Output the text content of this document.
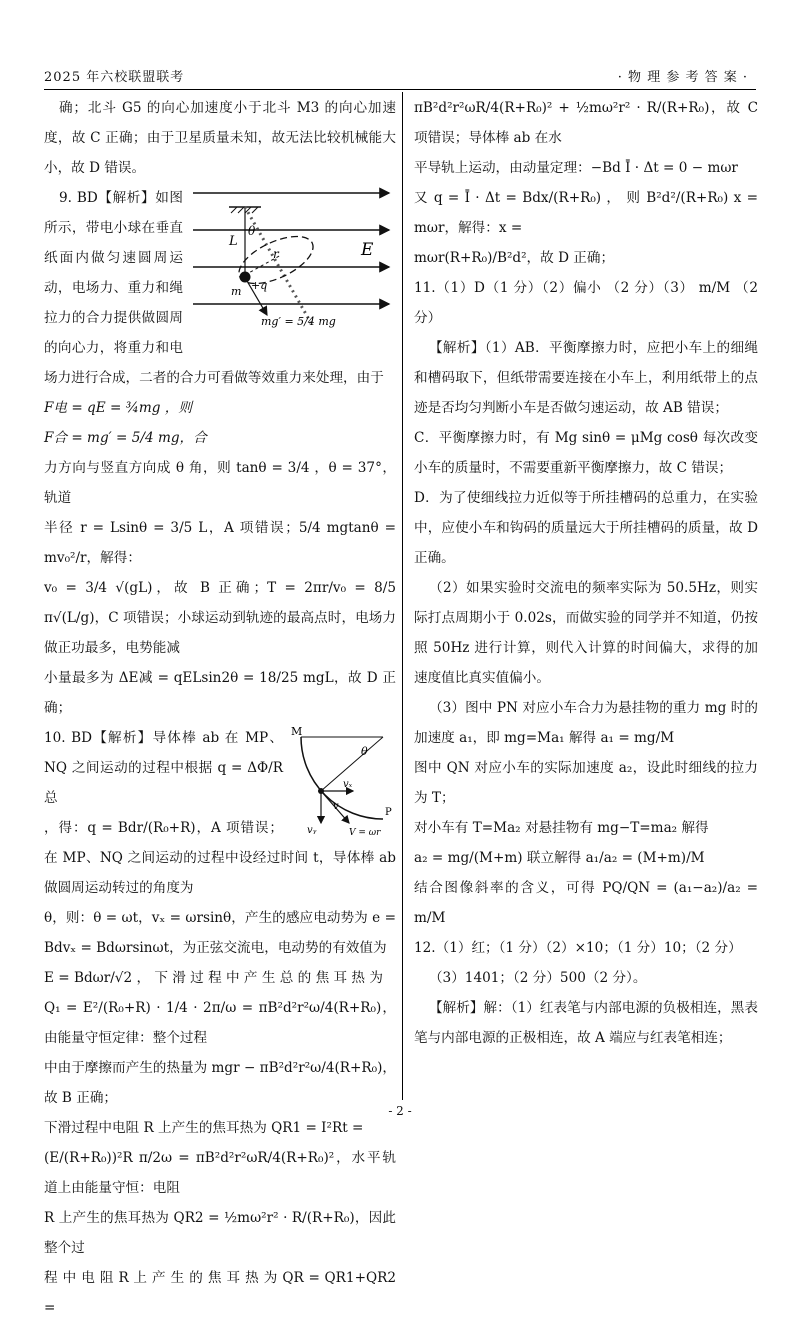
2025 年六校联盟联考	· 物 理 参 考 答 案 ·

确；北斗 G5 的向心加速度小于北斗 M3 的向心加速度，故 C 正确；由于卫星质量未知，故无法比较机械能大小，故 D 错误。

L
θ
r	E
m +q
mg′ = 5/4 mg
9. BD【解析】如图所示，带电小球在垂直纸面内做匀速圆周运动，电场力、重力和绳拉力的合力提供做圆周的向心力，将重力和电场力进行合成，二者的合力可看做等效重力来处理，由于

F电 = qE = ¾mg ，则

F合 = mg′ = 5/4 mg，合

力方向与竖直方向成 θ 角，则 tanθ = 3/4 ，θ = 37°，轨道

半径 r = Lsinθ = 3/5 L，A 项错误；5/4 mgtanθ = mv₀²/r，解得：

v₀ = 3/4 √(gL)，故 B 正确；T = 2πr/v₀ = 8/5 π√(L/g)，C 项错误；小球运动到轨迹的最高点时，电场力做正功最多，电势能减

小量最多为 ΔE减 = qELsin2θ = 18/25 mgL，故 D 正确；

M
θ
vₓ
v
vᵧ	V = ωr
P
10. BD【解析】导体棒 ab 在 MP、NQ 之间运动的过程中根据 q = ΔΦ/R总

，得：q = Bdr/(R₀+R)，A 项错误；在 MP、NQ 之间运动的过程中设经过时间 t，导体棒 ab 做圆周运动转过的角度为

θ，则：θ = ωt，vₓ = ωrsinθ，产生的感应电动势为 e = Bdvₓ = Bdωrsinωt，为正弦交流电，电动势的有效值为

E = Bdωr/√2 ， 下 滑 过 程 中 产 生 总 的 焦 耳 热 为

Q₁ = E²/(R₀+R) · 1/4 · 2π/ω = πB²d²r²ω/4(R+R₀)，由能量守恒定律：整个过程

中由于摩擦而产生的热量为 mgr − πB²d²r²ω/4(R+R₀)，故 B 正确；

下滑过程中电阻 R 上产生的焦耳热为 QR1 = I²Rt =

(E/(R+R₀))²R π/2ω = πB²d²r²ωR/4(R+R₀)²，水平轨道上由能量守恒：电阻

R 上产生的焦耳热为 QR2 = ½mω²r² · R/(R+R₀)，因此整个过

程 中 电 阻 R 上 产 生 的 焦 耳 热 为 QR = QR1+QR2 =

πB²d²r²ωR/4(R+R₀)² + ½mω²r² · R/(R+R₀)，故 C 项错误；导体棒 ab 在水

平导轨上运动，由动量定理：−Bd Ī · Δt = 0 − mωr

又 q = Ī · Δt = Bdx/(R+R₀) ， 则 B²d²/(R+R₀) x = mωr，解得：x =

mωr(R+R₀)/B²d²，故 D 正确；

11.（1）D（1 分）（2）偏小 （2 分）（3） m/M （2 分）

【解析】（1）AB．平衡摩擦力时，应把小车上的细绳和槽码取下，但纸带需要连接在小车上，利用纸带上的点迹是否均匀判断小车是否做匀速运动，故 AB 错误；

C．平衡摩擦力时，有 Mg sinθ = μMg cosθ 每次改变小车的质量时，不需要重新平衡摩擦力，故 C 错误；

D．为了使细线拉力近似等于所挂槽码的总重力，在实验中，应使小车和钩码的质量远大于所挂槽码的质量，故 D 正确。

（2）如果实验时交流电的频率实际为 50.5Hz，则实际打点周期小于 0.02s，而做实验的同学并不知道，仍按照 50Hz 进行计算，则代入计算的时间偏大，求得的加速度值比真实值偏小。

（3）图中 PN 对应小车合力为悬挂物的重力 mg 时的加速度 a₁，即 mg=Ma₁ 解得 a₁ = mg/M

图中 QN 对应小车的实际加速度 a₂，设此时细线的拉力为 T；

对小车有 T=Ma₂ 对悬挂物有 mg−T=ma₂ 解得

a₂ = mg/(M+m) 联立解得 a₁/a₂ = (M+m)/M

结合图像斜率的含义，可得 PQ/QN = (a₁−a₂)/a₂ = m/M

12.（1）红；（1 分）（2）×10；（1 分）10；（2 分）

（3）1401；（2 分）500（2 分）。

【解析】解：（1）红表笔与内部电源的负极相连，黑表笔与内部电源的正极相连，故 A 端应与红表笔相连；

- 2 -
